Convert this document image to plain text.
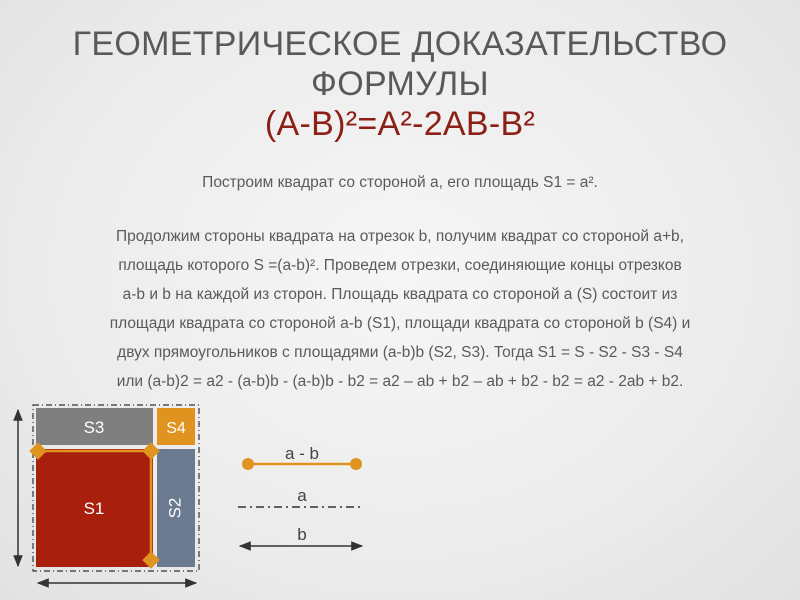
ГЕОМЕТРИЧЕСКОЕ ДОКАЗАТЕЛЬСТВО
ФОРМУЛЫ
(А-В)²=А²-2АВ-В²
Построим квадрат со стороной а, его площадь S1 = a².
Продолжим стороны квадрата на отрезок b, получим квадрат со стороной a+b,
площадь которого S =(a-b)². Проведем отрезки, соединяющие концы отрезков
a-b и b на каждой из сторон. Площадь квадрата со стороной a (S) состоит из
площади квадрата со стороной a-b (S1), площади квадрата со стороной b (S4) и
двух прямоугольников с площадями (a-b)b (S2, S3). Тогда S1 = S - S2 - S3 - S4
или (a-b)2 = a2 - (a-b)b - (a-b)b - b2 = a2 – ab + b2 – ab + b2 - b2 = a2 - 2ab + b2.
S3	S4
S1	S2
a - b
a
b
